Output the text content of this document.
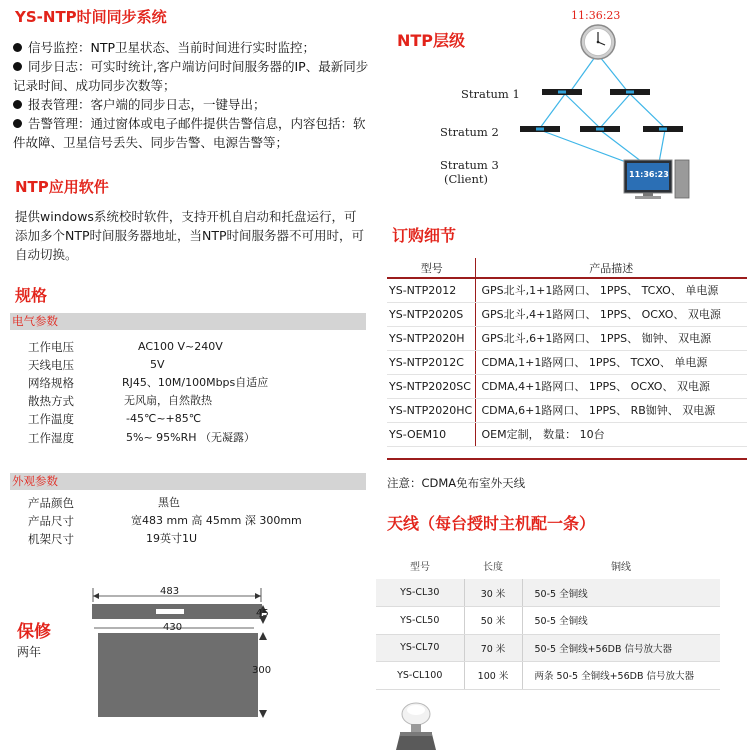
YS-NTP时间同步系统
信号监控：NTP卫星状态、当前时间进行实时监控；
同步日志：可实时统计,客户端访问时间服务器的IP、最新同步记录时间、成功同步次数等；
报表管理：客户端的同步日志，一键导出；
告警管理：通过窗体或电子邮件提供告警信息，内容包括：软件故障、卫星信号丢失、同步告警、电源告警等；
NTP应用软件
提供windows系统校时软件，支持开机自启动和托盘运行，可添加多个NTP时间服务器地址，当NTP时间服务器不可用时，可自动切换。
规格
电气参数
工作电压	AC100 V~240V
天线电压	5V
网络规格	RJ45、10M/100Mbps自适应
散热方式	无风扇，自然散热
工作温度	-45℃~+85℃
工作湿度	5%~ 95%RH （无凝露）
外观参数
产品颜色	黑色
产品尺寸	宽483 mm 高 45mm 深 300mm
机架尺寸	19英寸1U
483
430
45
300
保修
两年
11:36:23
NTP层级
11:36:23
Stratum 1
Stratum 2
Stratum 3
(Client)
订购细节
型号	产品描述
YS-NTP2012	GPS北斗,1+1路网口、 1PPS、 TCXO、 单电源
YS-NTP2020S	GPS北斗,4+1路网口、 1PPS、 OCXO、 双电源
YS-NTP2020H	GPS北斗,6+1路网口、 1PPS、 铷钟、 双电源
YS-NTP2012C	CDMA,1+1路网口、 1PPS、 TCXO、 单电源
YS-NTP2020SC	CDMA,4+1路网口、 1PPS、 OCXO、 双电源
YS-NTP2020HC	CDMA,6+1路网口、 1PPS、 RB铷钟、 双电源
YS-OEM10	OEM定制， 数量： 10台
注意：CDMA免布室外天线
天线（每台授时主机配一条）
型号	长度	铜线
YS-CL30	30 米	50-5 全铜线
YS-CL50	50 米	50-5 全铜线
YS-CL70	70 米	50-5 全铜线+56DB 信号放大器
YS-CL100	100 米	两条 50-5 全铜线+56DB 信号放大器
